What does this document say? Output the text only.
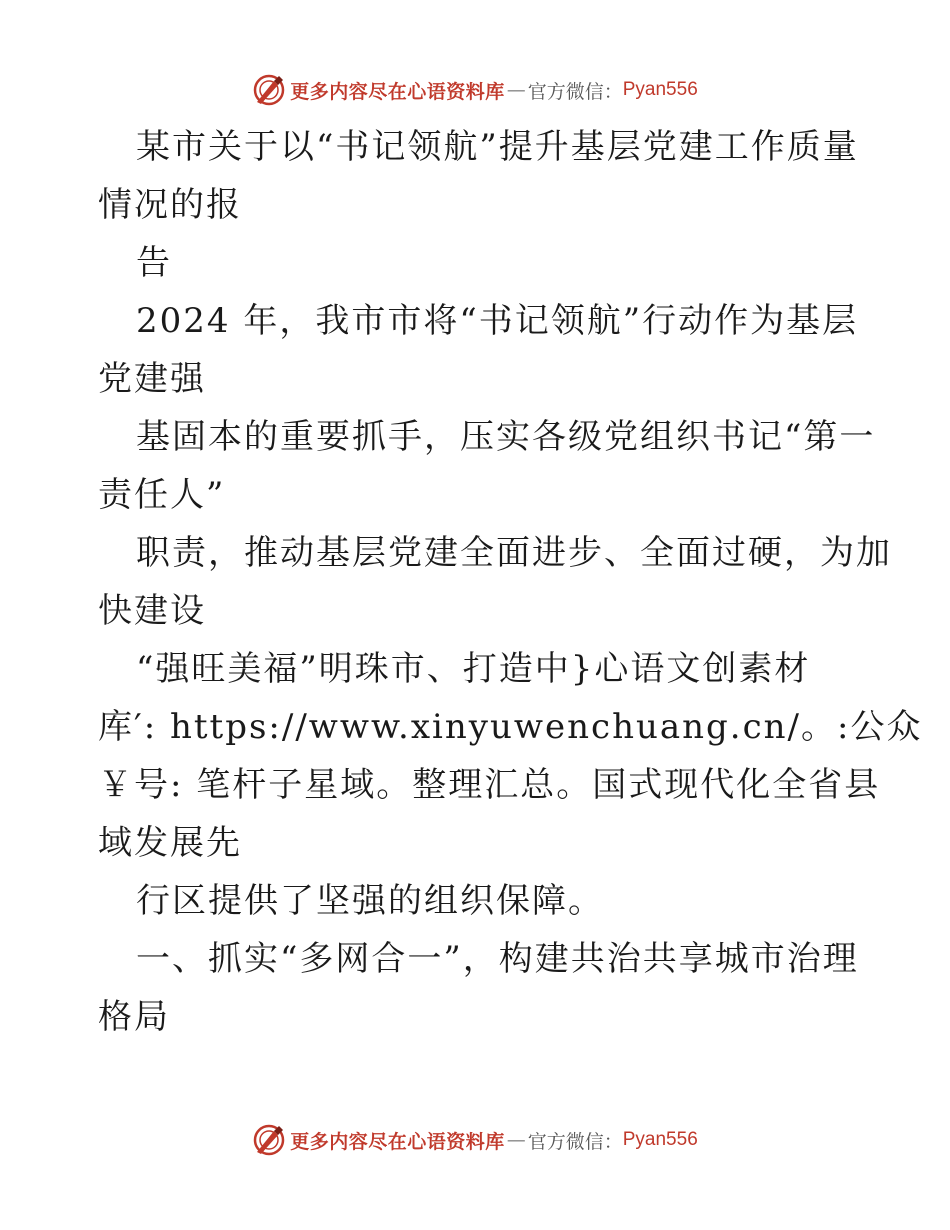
更多内容尽在心语资料库 — 官方微信： Pyan556
某市关于以“书记领航”提升基层党建工作质量
情况的报
告
2024 年，我市市将“书记领航”行动作为基层
党建强
基固本的重要抓手，压实各级党组织书记“第一
责任人”
职责，推动基层党建全面进步、全面过硬，为加
快建设
“强旺美福”明珠市、打造中}心语文创素材
库′: https://www.xinyuwenchuang.cn/。:公众
￥号: 笔杆子星域。整理汇总。国式现代化全省县
域发展先
行区提供了坚强的组织保障。
一、抓实“多网合一”，构建共治共享城市治理
格局
更多内容尽在心语资料库 — 官方微信： Pyan556
